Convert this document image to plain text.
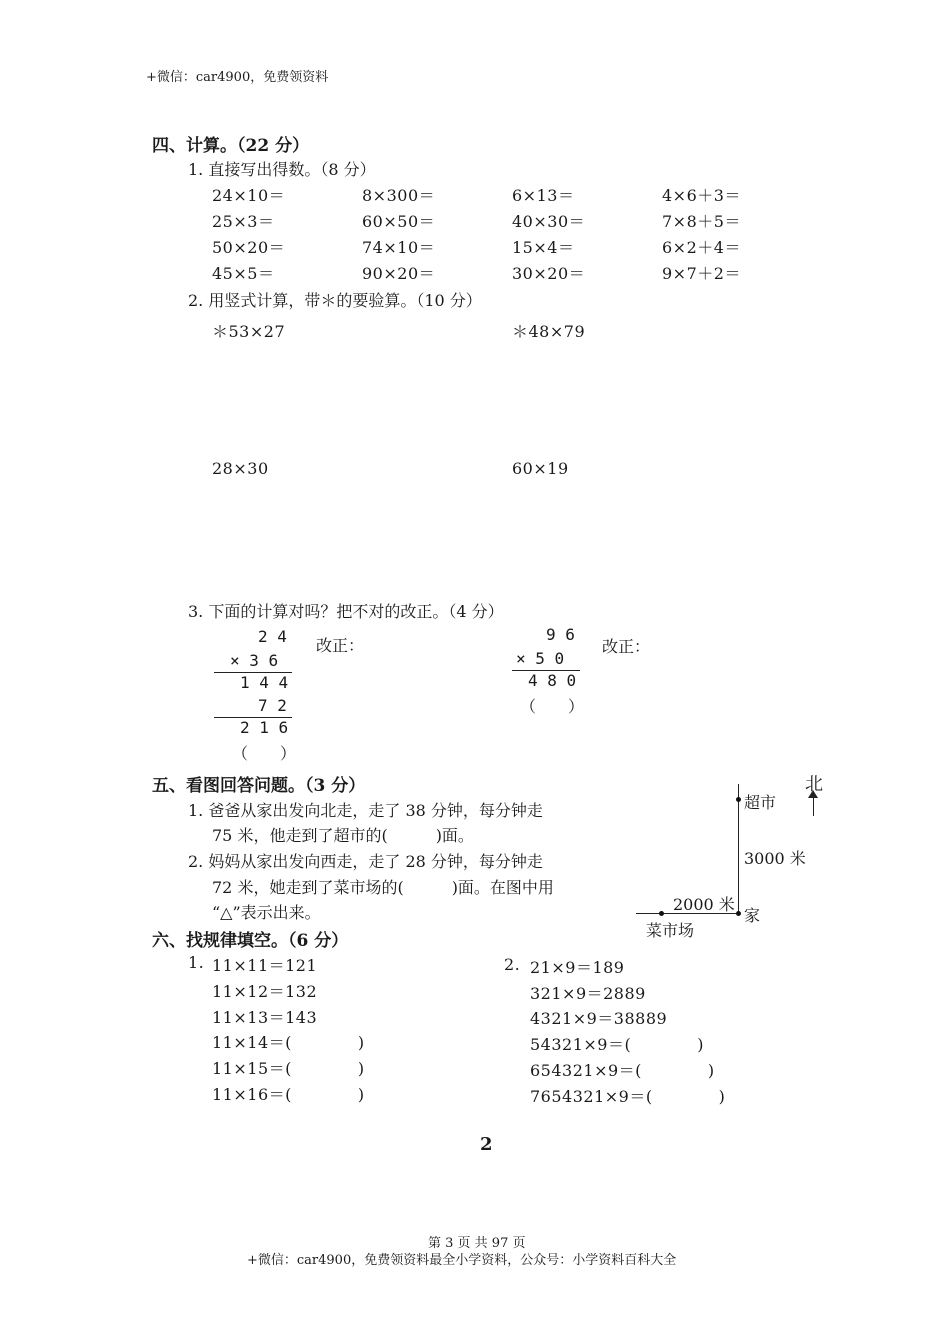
+微信：car4900，免费领资料
四、计算。（22 分）
1. 直接写出得数。（8 分）
24×10＝	8×300＝	6×13＝	4×6＋3＝
25×3＝	60×50＝	40×30＝	7×8＋5＝
50×20＝	74×10＝	15×4＝	6×2＋4＝
45×5＝	90×20＝	30×20＝	9×7＋2＝
2. 用竖式计算，带＊的要验算。（10 分）
＊53×27	＊48×79
28×30	60×19
3. 下面的计算对吗？把不对的改正。（4 分）
2 4
× 3 6
1 4 4
7 2
2 1 6
（　　）
改正：
9 6
× 5 0
4 8 0
（　　）
改正：
五、看图回答问题。（3 分）
1. 爸爸从家出发向北走，走了 38 分钟，每分钟走
75 米，他走到了超市的(　　　)面。
2. 妈妈从家出发向西走，走了 28 分钟，每分钟走
72 米，她走到了菜市场的(　　　)面。在图中用
“△”表示出来。
北
超市
3000 米
2000 米
家
菜市场
六、找规律填空。（6 分）
1. 11×11＝121
11×12＝132
11×13＝143
11×14＝(　　　　)
11×15＝(　　　　)
11×16＝(　　　　)
2. 21×9＝189
321×9＝2889
4321×9＝38889
54321×9＝(　　　　)
654321×9＝(　　　　)
7654321×9＝(　　　　)
2
第 3 页 共 97 页
+微信：car4900，免费领资料最全小学资料，公众号：小学资料百科大全
